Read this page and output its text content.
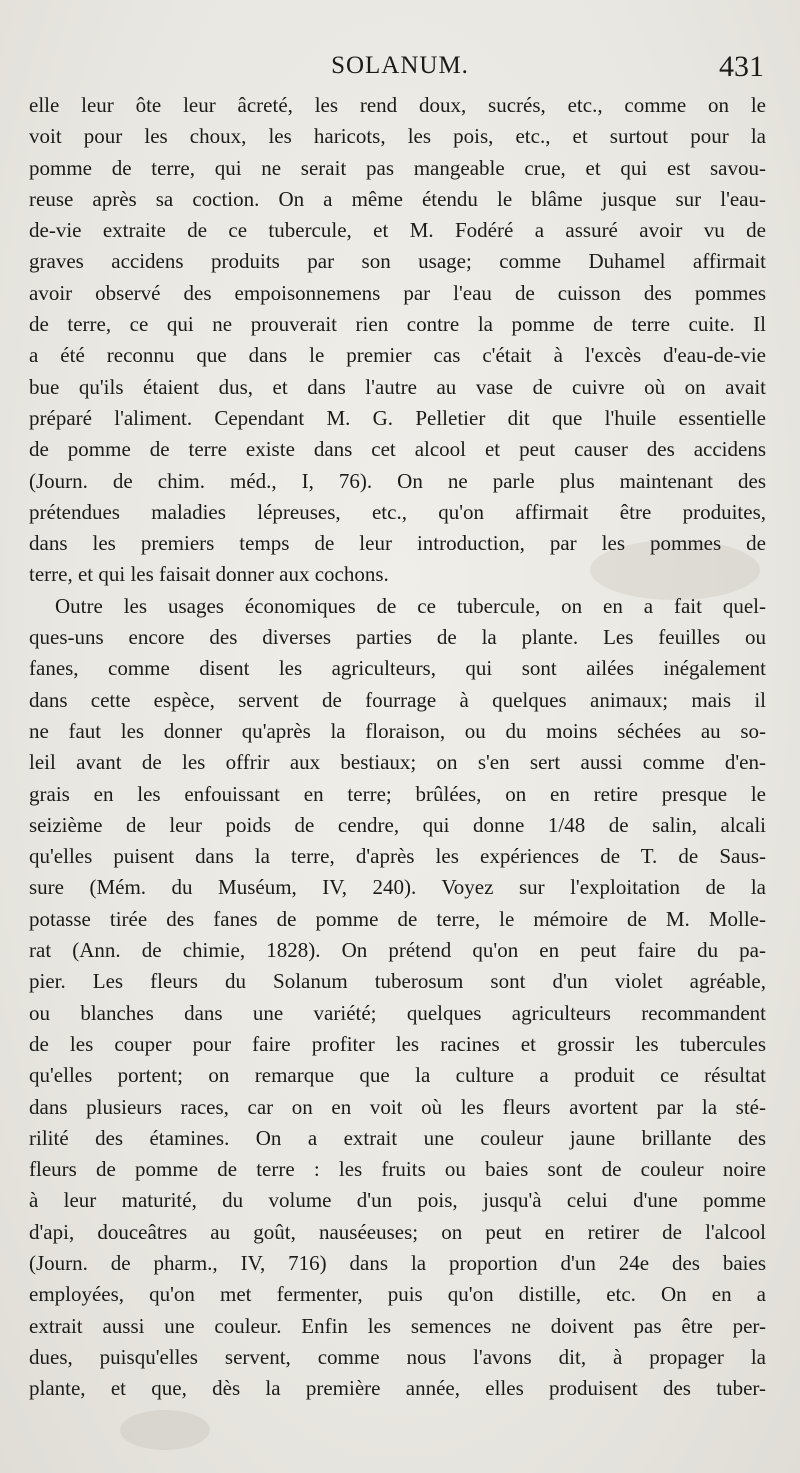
SOLANUM.	431
elle leur ôte leur âcreté, les rend doux, sucrés, etc., comme on le
voit pour les choux, les haricots, les pois, etc., et surtout pour la
pomme de terre, qui ne serait pas mangeable crue, et qui est savou-
reuse après sa coction. On a même étendu le blâme jusque sur l'eau-
de-vie extraite de ce tubercule, et M. Fodéré a assuré avoir vu de
graves accidens produits par son usage; comme Duhamel affirmait
avoir observé des empoisonnemens par l'eau de cuisson des pommes
de terre, ce qui ne prouverait rien contre la pomme de terre cuite. Il
a été reconnu que dans le premier cas c'était à l'excès d'eau-de-vie
bue qu'ils étaient dus, et dans l'autre au vase de cuivre où on avait
préparé l'aliment. Cependant M. G. Pelletier dit que l'huile essentielle
de pomme de terre existe dans cet alcool et peut causer des accidens
(Journ. de chim. méd., I, 76). On ne parle plus maintenant des
prétendues maladies lépreuses, etc., qu'on affirmait être produites,
dans les premiers temps de leur introduction, par les pommes de
terre, et qui les faisait donner aux cochons.
Outre les usages économiques de ce tubercule, on en a fait quel-
ques-uns encore des diverses parties de la plante. Les feuilles ou
fanes, comme disent les agriculteurs, qui sont ailées inégalement
dans cette espèce, servent de fourrage à quelques animaux; mais il
ne faut les donner qu'après la floraison, ou du moins séchées au so-
leil avant de les offrir aux bestiaux; on s'en sert aussi comme d'en-
grais en les enfouissant en terre; brûlées, on en retire presque le
seizième de leur poids de cendre, qui donne 1/48 de salin, alcali
qu'elles puisent dans la terre, d'après les expériences de T. de Saus-
sure (Mém. du Muséum, IV, 240). Voyez sur l'exploitation de la
potasse tirée des fanes de pomme de terre, le mémoire de M. Molle-
rat (Ann. de chimie, 1828). On prétend qu'on en peut faire du pa-
pier. Les fleurs du Solanum tuberosum sont d'un violet agréable,
ou blanches dans une variété; quelques agriculteurs recommandent
de les couper pour faire profiter les racines et grossir les tubercules
qu'elles portent; on remarque que la culture a produit ce résultat
dans plusieurs races, car on en voit où les fleurs avortent par la sté-
rilité des étamines. On a extrait une couleur jaune brillante des
fleurs de pomme de terre : les fruits ou baies sont de couleur noire
à leur maturité, du volume d'un pois, jusqu'à celui d'une pomme
d'api, douceâtres au goût, nauséeuses; on peut en retirer de l'alcool
(Journ. de pharm., IV, 716) dans la proportion d'un 24e des baies
employées, qu'on met fermenter, puis qu'on distille, etc. On en a
extrait aussi une couleur. Enfin les semences ne doivent pas être per-
dues, puisqu'elles servent, comme nous l'avons dit, à propager la
plante, et que, dès la première année, elles produisent des tuber-
